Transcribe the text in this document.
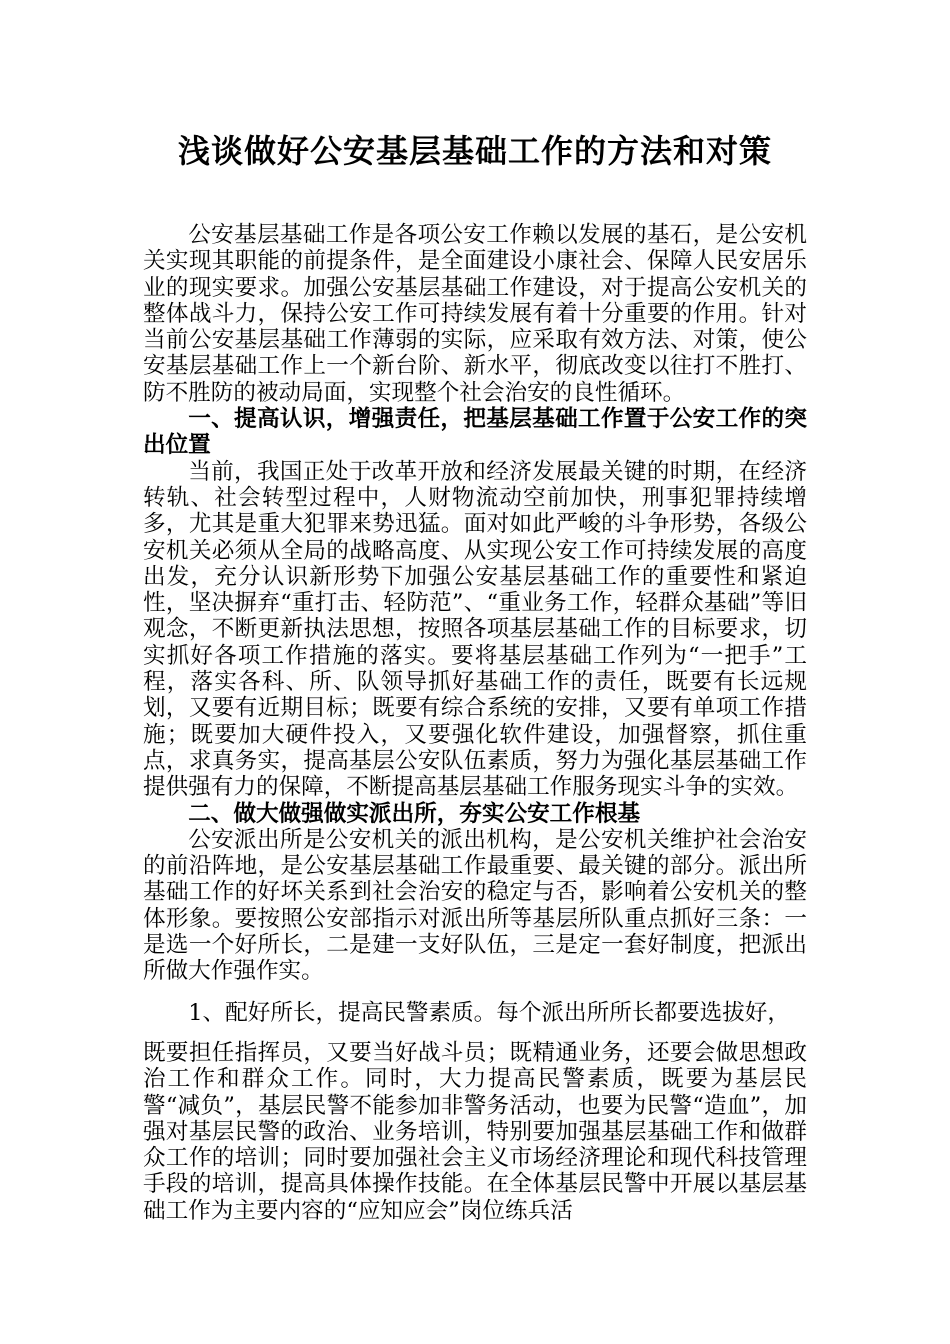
浅谈做好公安基层基础工作的方法和对策

公安基层基础工作是各项公安工作赖以发展的基石，是公安机关实现其职能的前提条件，是全面建设小康社会、保障人民安居乐业的现实要求。加强公安基层基础工作建设，对于提高公安机关的整体战斗力，保持公安工作可持续发展有着十分重要的作用。针对当前公安基层基础工作薄弱的实际，应采取有效方法、对策，使公安基层基础工作上一个新台阶、新水平，彻底改变以往打不胜打、防不胜防的被动局面，实现整个社会治安的良性循环。

一、提高认识，增强责任，把基层基础工作置于公安工作的突出位置

当前，我国正处于改革开放和经济发展最关键的时期，在经济转轨、社会转型过程中，人财物流动空前加快，刑事犯罪持续增多，尤其是重大犯罪来势迅猛。面对如此严峻的斗争形势，各级公安机关必须从全局的战略高度、从实现公安工作可持续发展的高度出发，充分认识新形势下加强公安基层基础工作的重要性和紧迫性，坚决摒弃“重打击、轻防范”、“重业务工作，轻群众基础”等旧观念，不断更新执法思想，按照各项基层基础工作的目标要求，切实抓好各项工作措施的落实。要将基层基础工作列为“一把手”工程，落实各科、所、队领导抓好基础工作的责任，既要有长远规划，又要有近期目标；既要有综合系统的安排，又要有单项工作措施；既要加大硬件投入，又要强化软件建设，加强督察，抓住重点，求真务实，提高基层公安队伍素质，努力为强化基层基础工作提供强有力的保障，不断提高基层基础工作服务现实斗争的实效。

二、做大做强做实派出所，夯实公安工作根基

公安派出所是公安机关的派出机构，是公安机关维护社会治安的前沿阵地，是公安基层基础工作最重要、最关键的部分。派出所基础工作的好坏关系到社会治安的稳定与否，影响着公安机关的整体形象。要按照公安部指示对派出所等基层所队重点抓好三条：一是选一个好所长，二是建一支好队伍，三是定一套好制度，把派出所做大作强作实。

1、配好所长，提高民警素质。每个派出所所长都要选拔好，

既要担任指挥员，又要当好战斗员；既精通业务，还要会做思想政治工作和群众工作。同时，大力提高民警素质，既要为基层民警“减负”，基层民警不能参加非警务活动，也要为民警“造血”，加强对基层民警的政治、业务培训，特别要加强基层基础工作和做群众工作的培训；同时要加强社会主义市场经济理论和现代科技管理手段的培训，提高具体操作技能。在全体基层民警中开展以基层基础工作为主要内容的“应知应会”岗位练兵活
